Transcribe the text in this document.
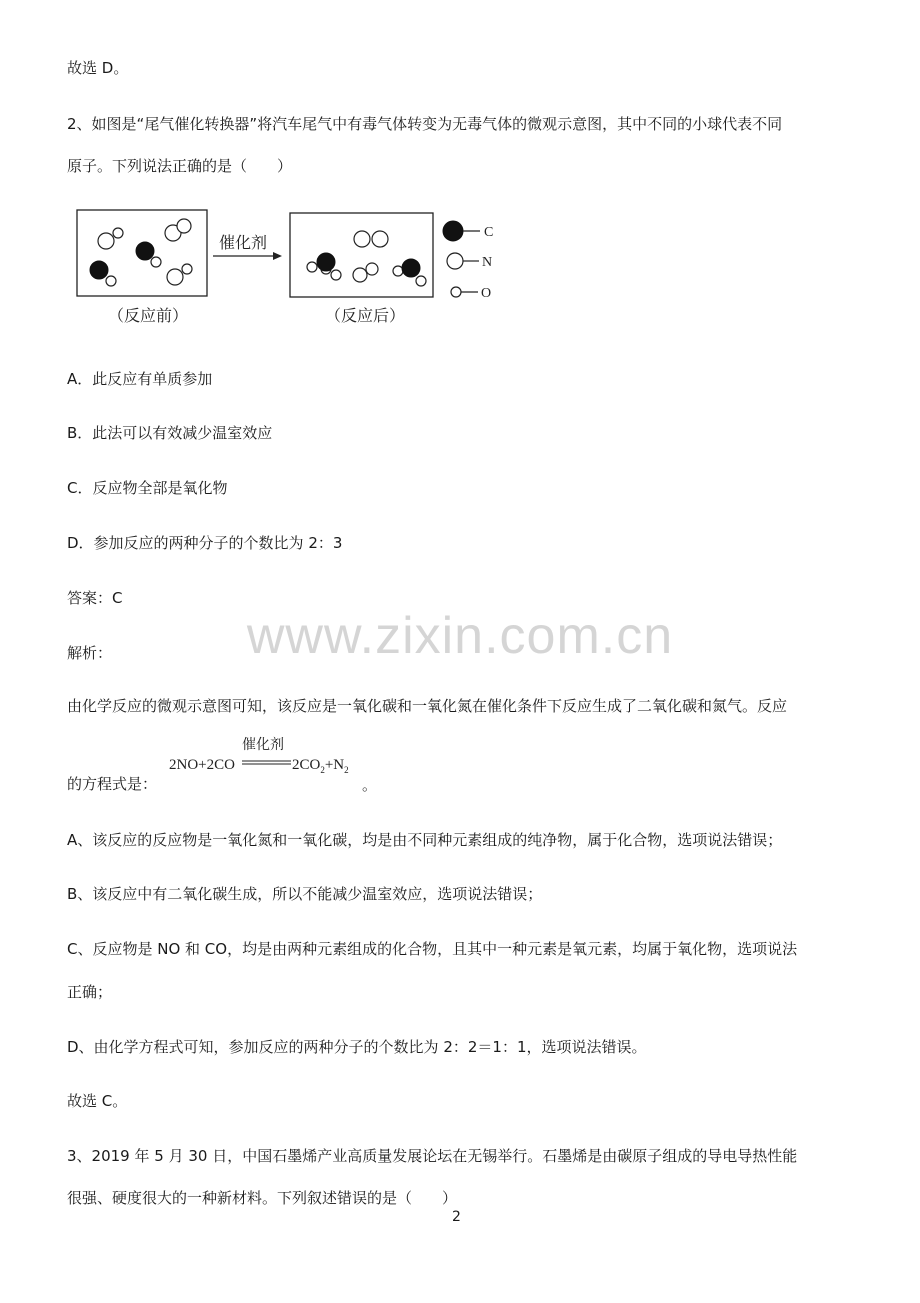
故选 D。
2、如图是“尾气催化转换器”将汽车尾气中有毒气体转变为无毒气体的微观示意图，其中不同的小球代表不同
原子。下列说法正确的是（　　）
催化剂
C
N
O
（反应前）	（反应后）
A．此反应有单质参加
B．此法可以有效减少温室效应
C．反应物全部是氧化物
D．参加反应的两种分子的个数比为 2：3
答案：C
解析：	www.zixin.com.cn
由化学反应的微观示意图可知，该反应是一氧化碳和一氧化氮在催化条件下反应生成了二氧化碳和氮气。反应
的方程式是：
催化剂
2NO+2CO	$2CO_2+N_2$
。
A、该反应的反应物是一氧化氮和一氧化碳，均是由不同种元素组成的纯净物，属于化合物，选项说法错误；
B、该反应中有二氧化碳生成，所以不能减少温室效应，选项说法错误；
C、反应物是 NO 和 CO，均是由两种元素组成的化合物，且其中一种元素是氧元素，均属于氧化物，选项说法
正确；
D、由化学方程式可知，参加反应的两种分子的个数比为 2：2＝1：1，选项说法错误。
故选 C。
3、2019 年 5 月 30 日，中国石墨烯产业高质量发展论坛在无锡举行。石墨烯是由碳原子组成的导电导热性能
很强、硬度很大的一种新材料。下列叙述错误的是（　　）
2
